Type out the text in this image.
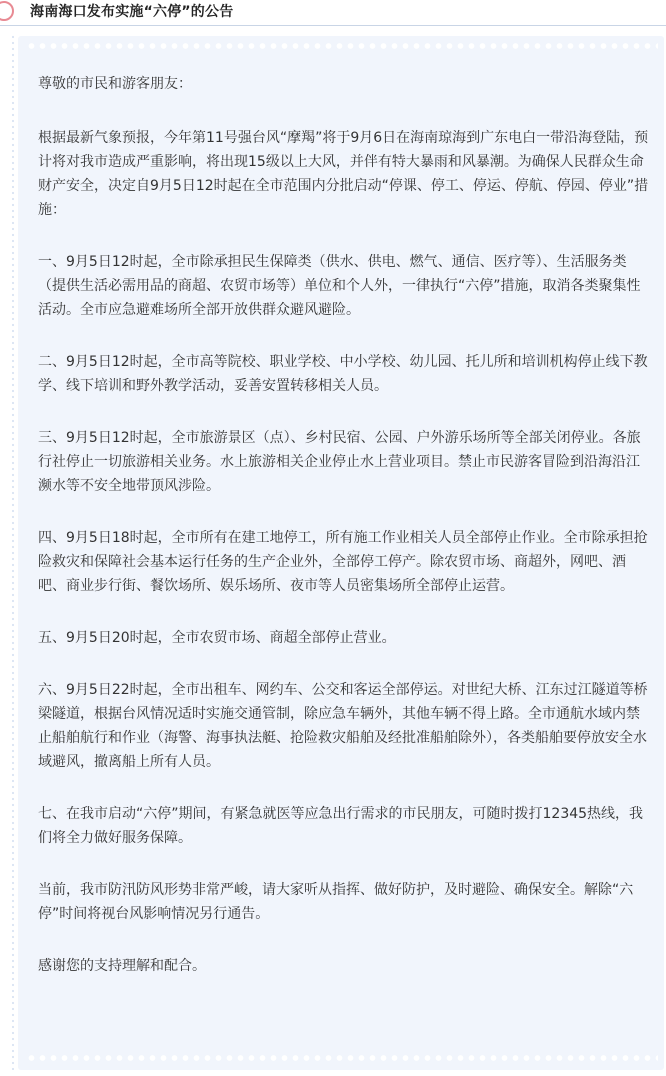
海南海口发布实施“六停”的公告

尊敬的市民和游客朋友：

根据最新气象预报，今年第11号强台风“摩羯”将于9月6日在海南琼海到广东电白一带沿海登陆，预计将对我市造成严重影响，将出现15级以上大风，并伴有特大暴雨和风暴潮。为确保人民群众生命财产安全，决定自9月5日12时起在全市范围内分批启动“停课、停工、停运、停航、停园、停业”措施：

一、9月5日12时起，全市除承担民生保障类（供水、供电、燃气、通信、医疗等）、生活服务类（提供生活必需用品的商超、农贸市场等）单位和个人外，一律执行“六停”措施，取消各类聚集性活动。全市应急避难场所全部开放供群众避风避险。

二、9月5日12时起，全市高等院校、职业学校、中小学校、幼儿园、托儿所和培训机构停止线下教学、线下培训和野外教学活动，妥善安置转移相关人员。

三、9月5日12时起，全市旅游景区（点）、乡村民宿、公园、户外游乐场所等全部关闭停业。各旅行社停止一切旅游相关业务。水上旅游相关企业停止水上营业项目。禁止市民游客冒险到沿海沿江濒水等不安全地带顶风涉险。

四、9月5日18时起，全市所有在建工地停工，所有施工作业相关人员全部停止作业。全市除承担抢险救灾和保障社会基本运行任务的生产企业外，全部停工停产。除农贸市场、商超外，网吧、酒吧、商业步行街、餐饮场所、娱乐场所、夜市等人员密集场所全部停止运营。

五、9月5日20时起，全市农贸市场、商超全部停止营业。

六、9月5日22时起，全市出租车、网约车、公交和客运全部停运。对世纪大桥、江东过江隧道等桥梁隧道，根据台风情况适时实施交通管制，除应急车辆外，其他车辆不得上路。全市通航水域内禁止船舶航行和作业（海警、海事执法艇、抢险救灾船舶及经批准船舶除外），各类船舶要停放安全水域避风，撤离船上所有人员。

七、在我市启动“六停”期间，有紧急就医等应急出行需求的市民朋友，可随时拨打12345热线，我们将全力做好服务保障。

当前，我市防汛防风形势非常严峻，请大家听从指挥、做好防护，及时避险、确保安全。解除“六停”时间将视台风影响情况另行通告。

感谢您的支持理解和配合。
